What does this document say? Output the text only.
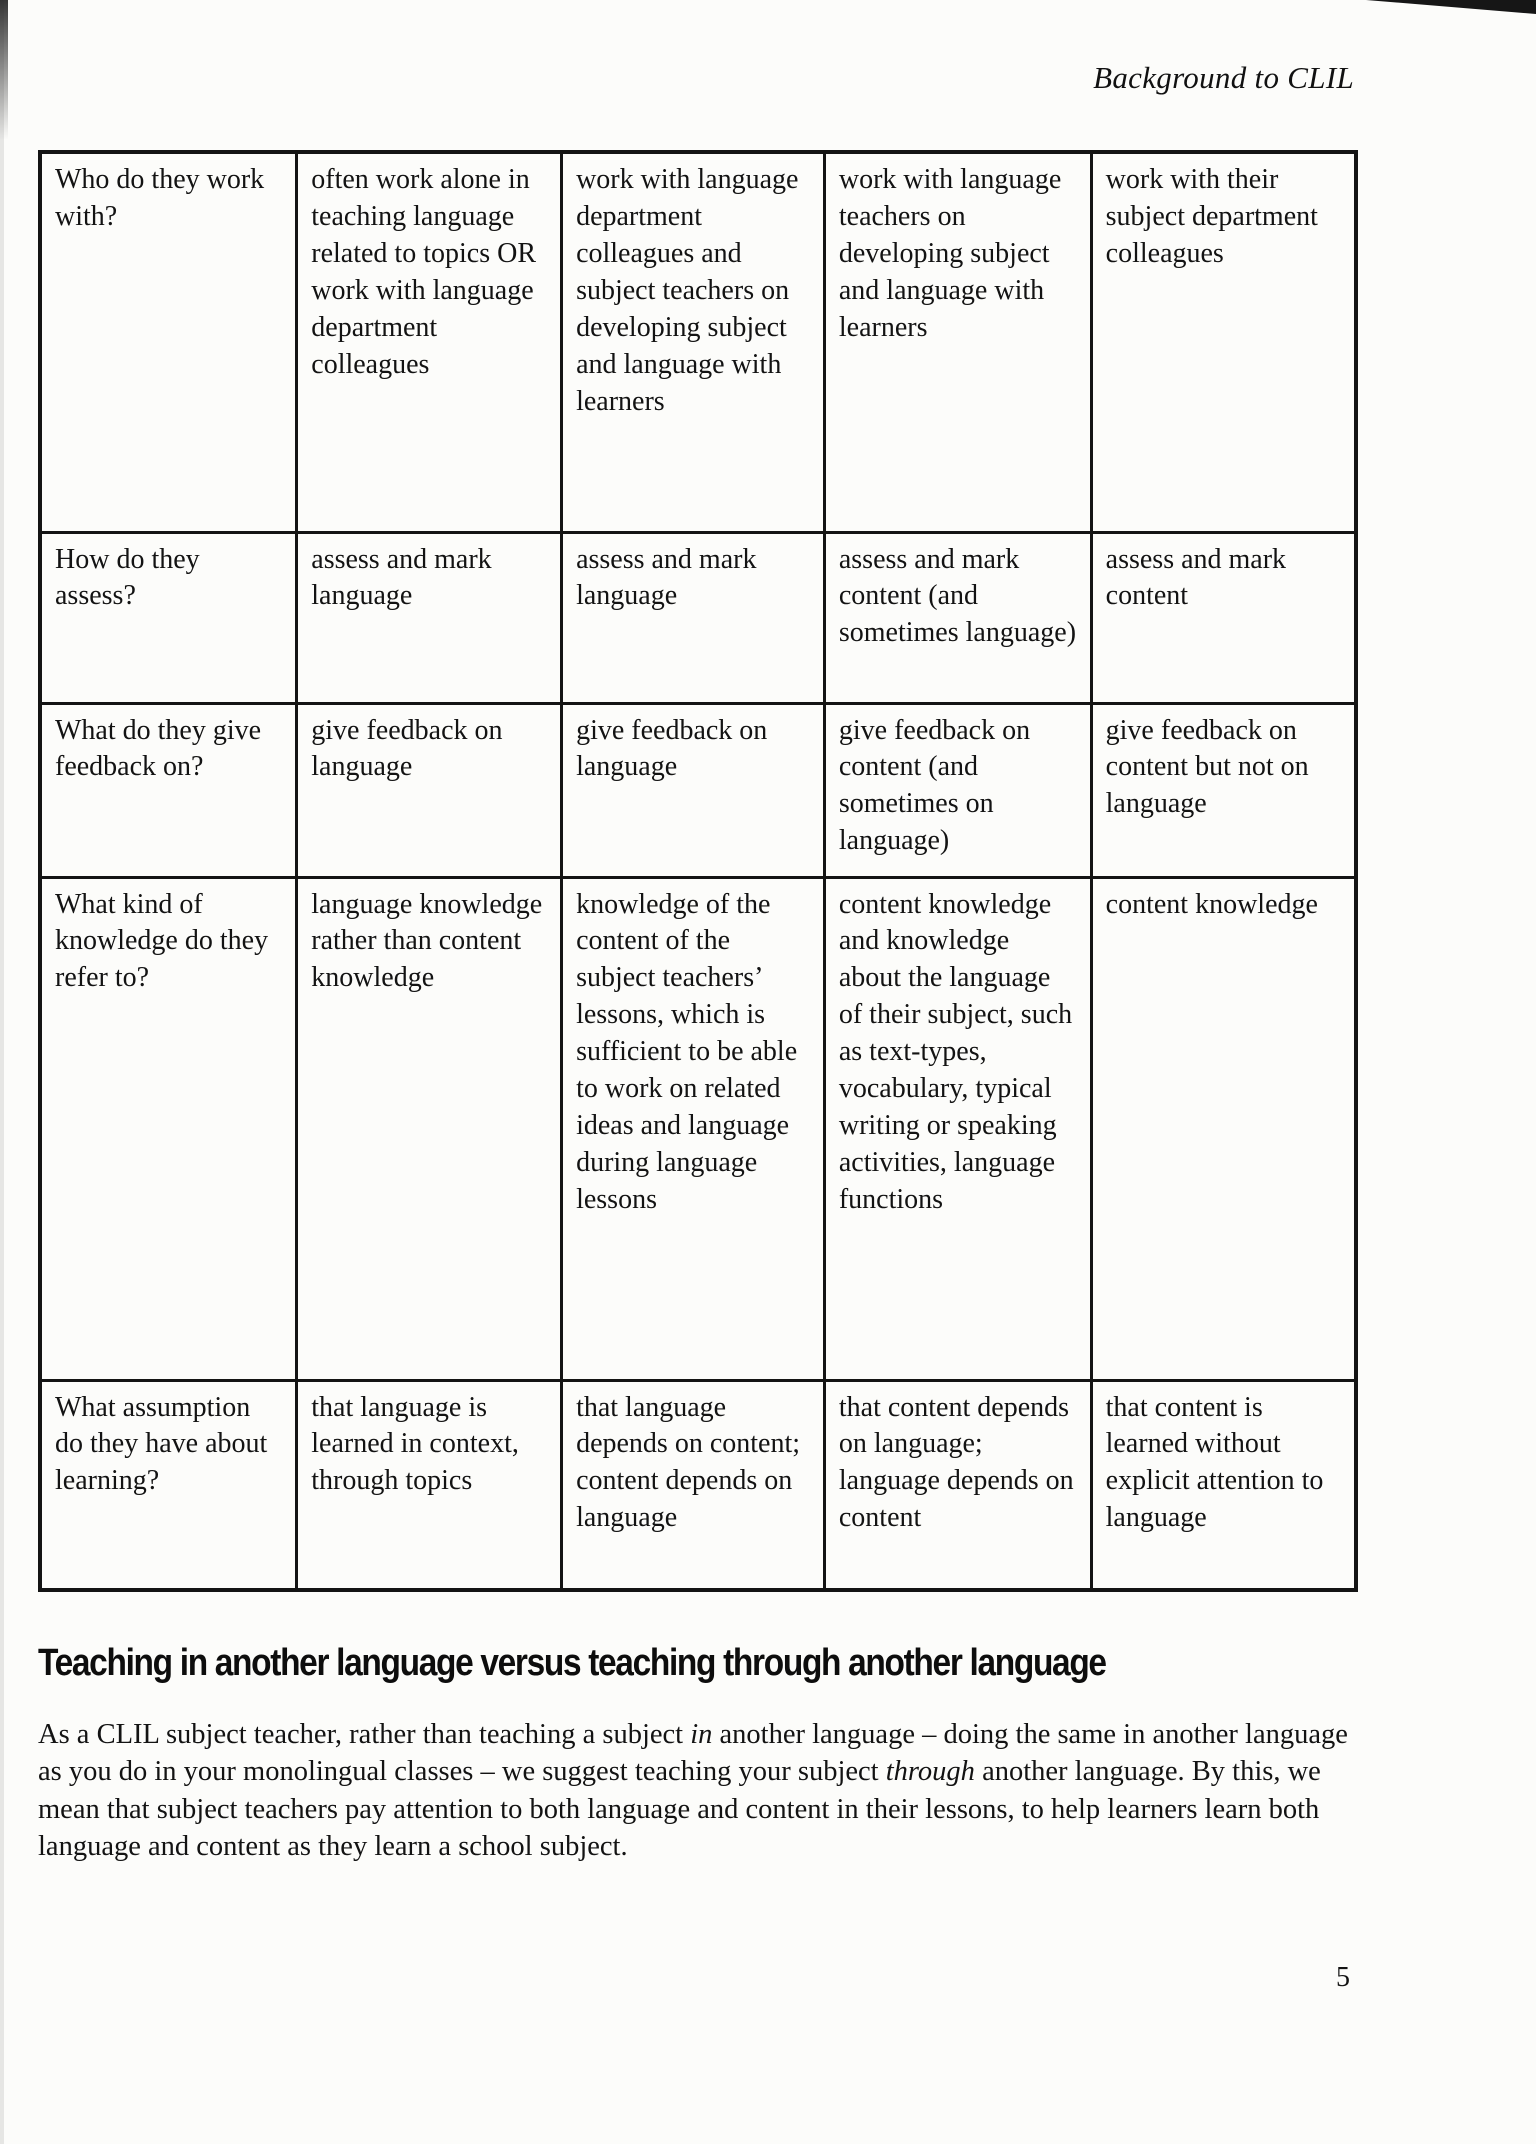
Background to CLIL
Who do they work with?	often work alone in teaching language related to topics OR work with language department colleagues	work with language department colleagues and subject teachers on developing subject and language with learners	work with language teachers on developing subject and language with learners	work with their subject department colleagues
How do they assess?	assess and mark language	assess and mark language	assess and mark content (and sometimes language)	assess and mark content
What do they give feedback on?	give feedback on language	give feedback on language	give feedback on content (and sometimes on language)	give feedback on content but not on language
What kind of knowledge do they refer to?	language knowledge rather than content knowledge	knowledge of the content of the subject teachers’ lessons, which is sufficient to be able to work on related ideas and language during language lessons	content knowledge and knowledge about the language of their subject, such as text-types, vocabulary, typical writing or speaking activities, language functions	content knowledge
What assumption do they have about learning?	that language is learned in context, through topics	that language depends on content; content depends on language	that content depends on language; language depends on content	that content is learned without explicit attention to language
Teaching in another language versus teaching through another language
As a CLIL subject teacher, rather than teaching a subject in another language – doing the same in another language as you do in your monolingual classes – we suggest teaching your subject through another language. By this, we mean that subject teachers pay attention to both language and content in their lessons, to help learners learn both language and content as they learn a school subject.
5
